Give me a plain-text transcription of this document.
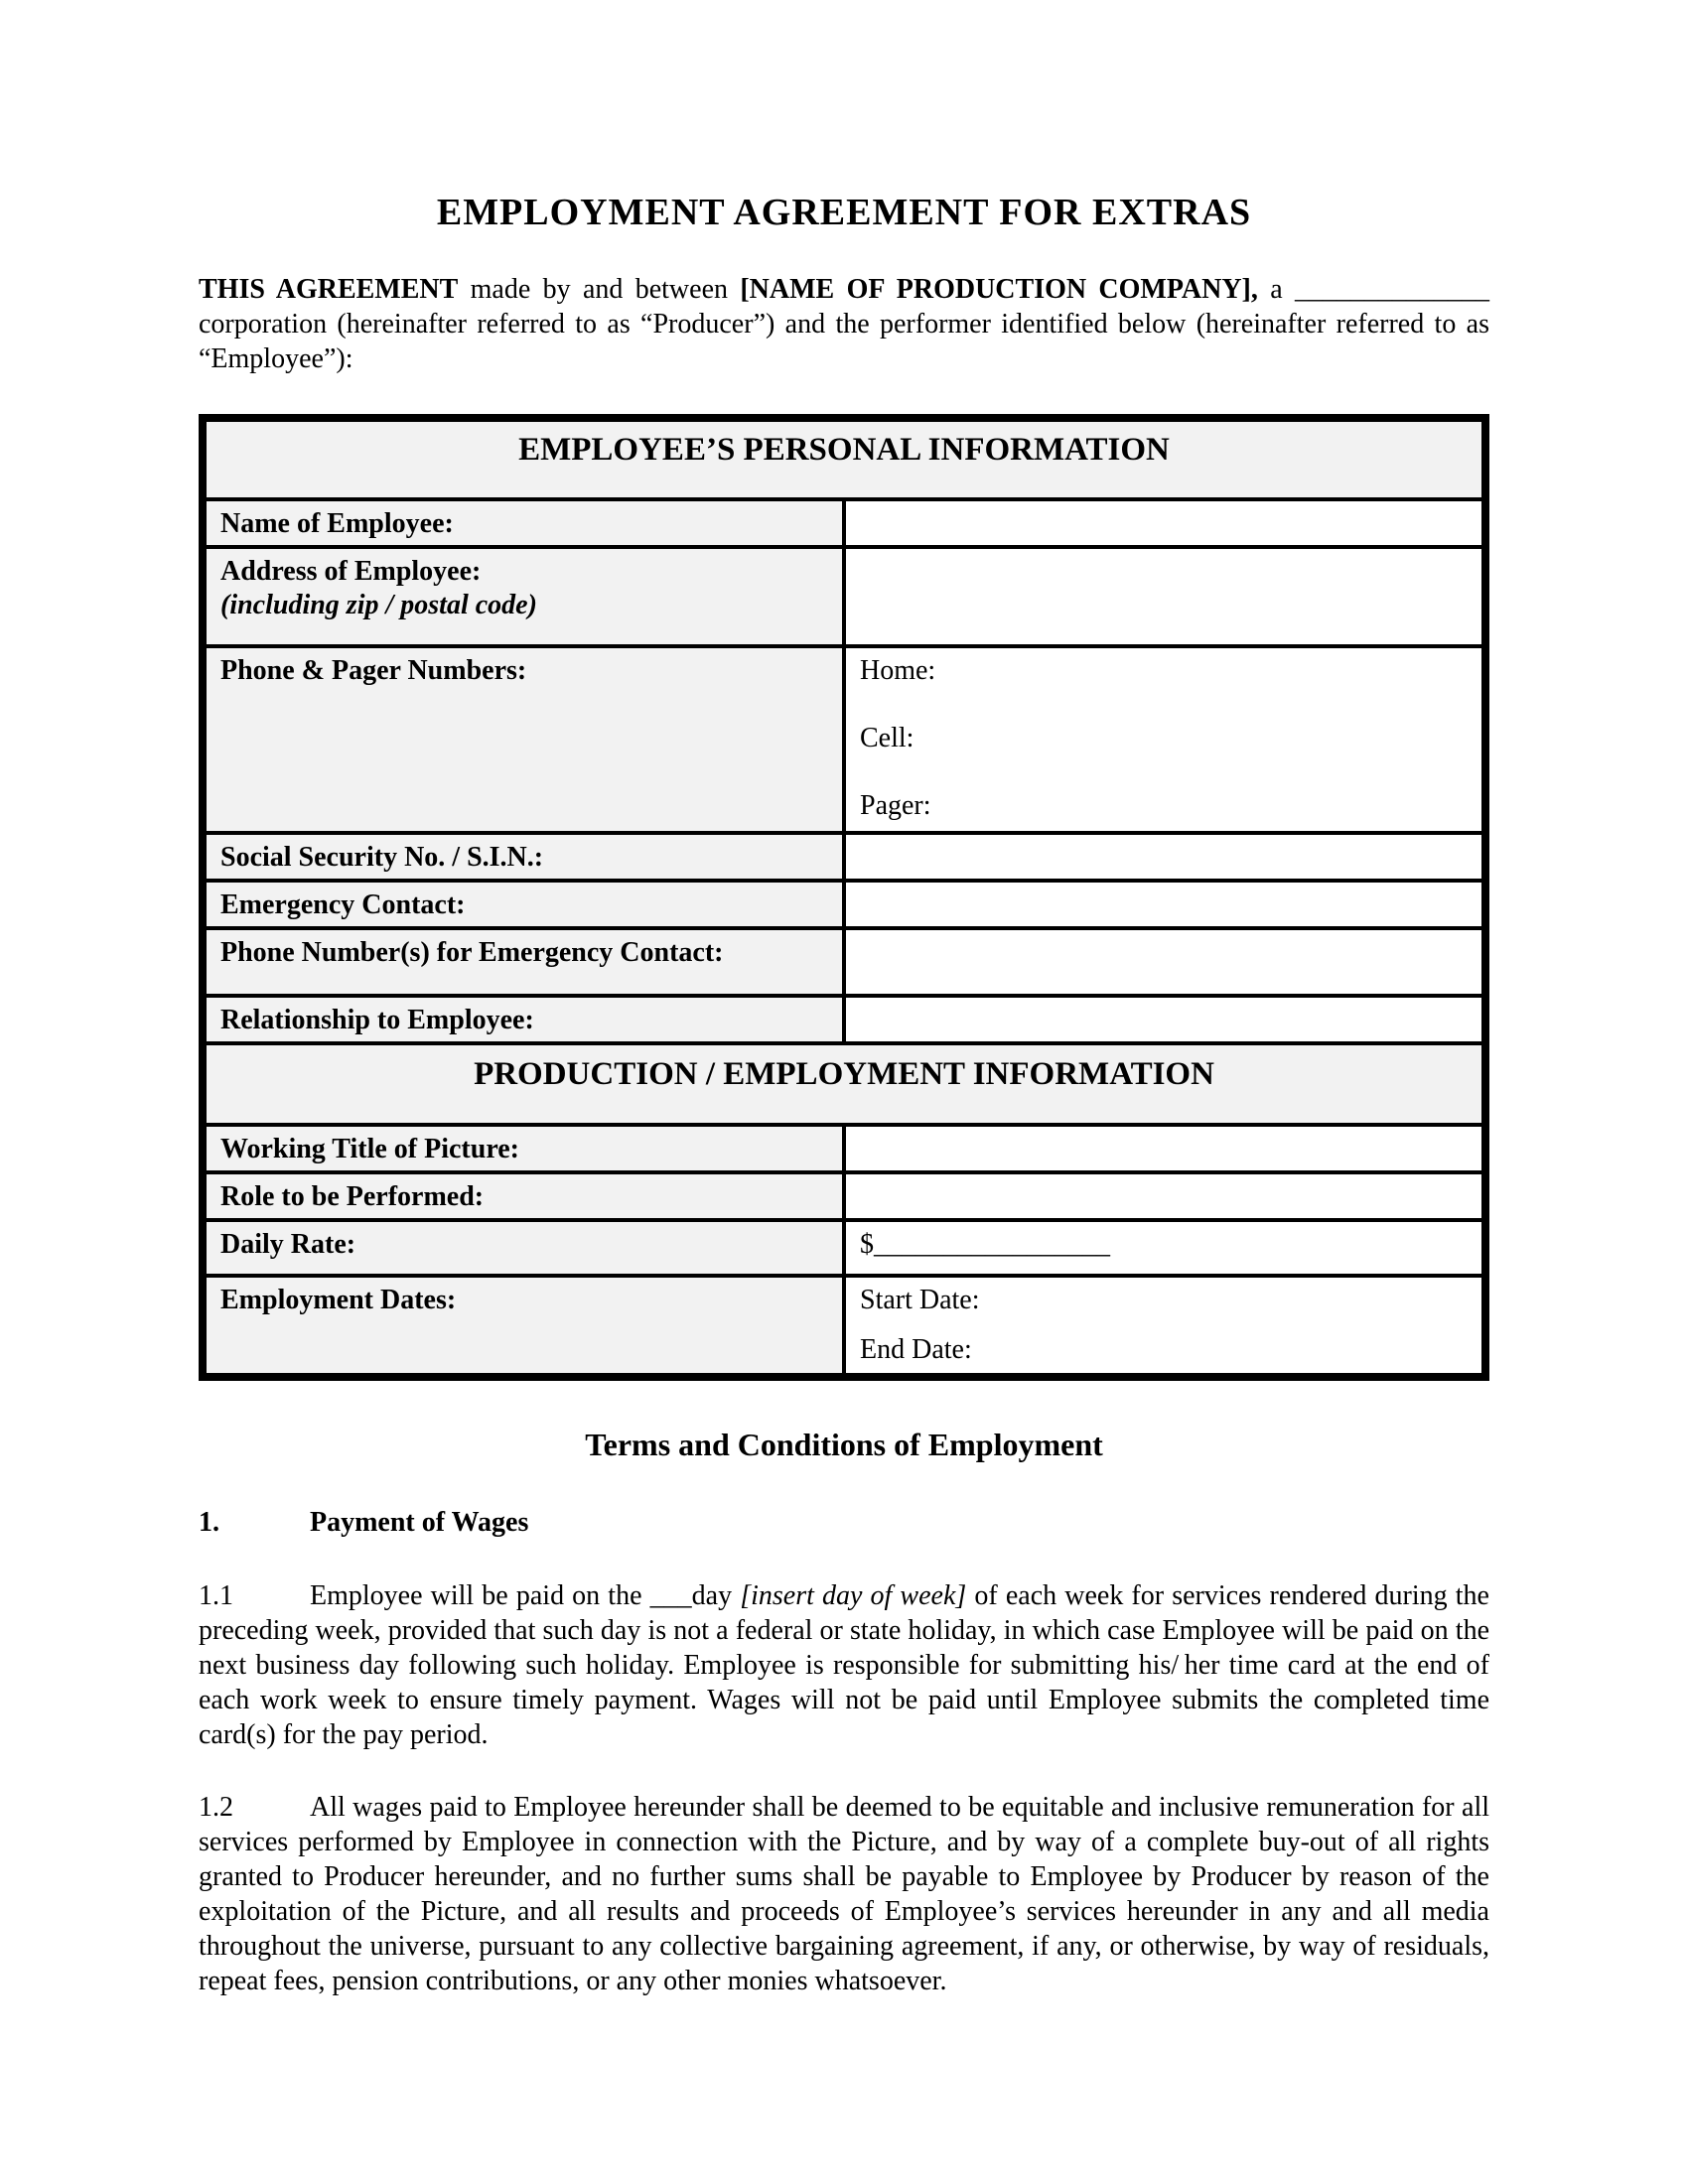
EMPLOYMENT AGREEMENT FOR EXTRAS

THIS AGREEMENT made by and between [NAME OF PRODUCTION COMPANY], a ______________ corporation (hereinafter referred to as “Producer”) and the performer identified below (hereinafter referred to as “Employee”):

EMPLOYEE’S PERSONAL INFORMATION	
Name of Employee:	

Address of Employee:
(including zip / postal code)	

Phone & Pager Numbers:	Home:
Cell:
Pager:

Social Security No. / S.I.N.:	
Emergency Contact:	
Phone Number(s) for Emergency Contact:	
Relationship to Employee:	
PRODUCTION / EMPLOYMENT INFORMATION	
Working Title of Picture:	
Role to be Performed:	
Daily Rate:	$_________________
Employment Dates:	Start Date:
End Date:
Terms and Conditions of Employment
1.	Payment of Wages

1.1	Employee will be paid on the ___day [insert day of week] of each week for services rendered during the preceding week, provided that such day is not a federal or state holiday, in which case Employee will be paid on the next business day following such holiday. Employee is responsible for submitting his/ her time card at the end of each work week to ensure timely payment. Wages will not be paid until Employee submits the completed time card(s) for the pay period.

1.2	All wages paid to Employee hereunder shall be deemed to be equitable and inclusive remuneration for all services performed by Employee in connection with the Picture, and by way of a complete buy-out of all rights granted to Producer hereunder, and no further sums shall be payable to Employee by Producer by reason of the exploitation of the Picture, and all results and proceeds of Employee’s services hereunder in any and all media throughout the universe, pursuant to any collective bargaining agreement, if any, or otherwise, by way of residuals, repeat fees, pension contributions, or any other monies whatsoever.
